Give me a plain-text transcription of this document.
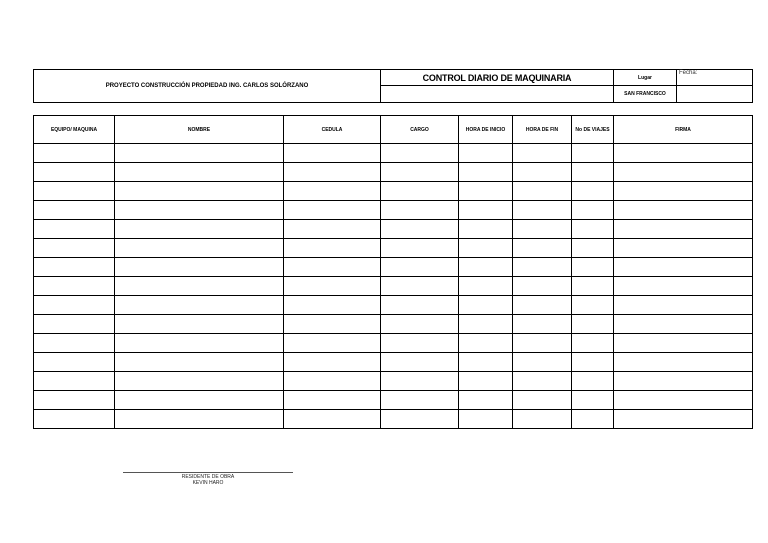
PROYECTO CONSTRUCCIÓN PROPIEDAD ING. CARLOS SOLÓRZANO	CONTROL DIARIO DE MAQUINARIA	Lugar	Fecha:
		SAN FRANCISCO	
EQUIPO/ MAQUINA	NOMBRE	CEDULA	CARGO	HORA DE INICIO	HORA DE FIN	No DE VIAJES	FIRMA

RESIDENTE DE OBRA
KEVIN HARO
